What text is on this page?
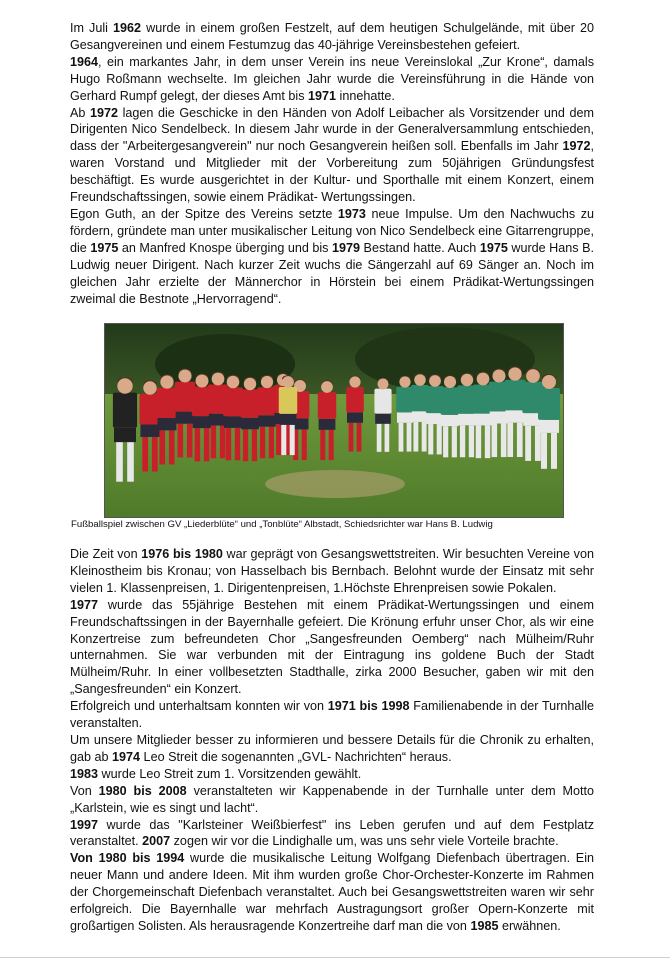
Im Juli 1962 wurde in einem großen Festzelt, auf dem heutigen Schulgelände, mit über 20 Gesangvereinen und einem Festumzug das 40-jährige Vereinsbestehen gefeiert.

1964, ein markantes Jahr, in dem unser Verein ins neue Vereinslokal „Zur Krone“, damals Hugo Roßmann wechselte. Im gleichen Jahr wurde die Vereinsführung in die Hände von Gerhard Rumpf gelegt, der dieses Amt bis 1971 innehatte.

Ab 1972 lagen die Geschicke in den Händen von Adolf Leibacher als Vorsitzender und dem Dirigenten Nico Sendelbeck. In diesem Jahr wurde in der Generalversammlung entschieden, dass der "Arbeitergesangverein" nur noch Gesangverein heißen soll. Ebenfalls im Jahr 1972, waren Vorstand und Mitglieder mit der Vorbereitung zum 50jährigen Gründungsfest beschäftigt. Es wurde ausgerichtet in der Kultur- und Sporthalle mit einem Konzert, einem Freundschaftssingen, sowie einem Prädikat- Wertungssingen.

Egon Guth, an der Spitze des Vereins setzte 1973 neue Impulse. Um den Nachwuchs zu fördern, gründete man unter musikalischer Leitung von Nico Sendelbeck eine Gitarrengruppe, die 1975 an Manfred Knospe überging und bis 1979 Bestand hatte. Auch 1975 wurde Hans B. Ludwig neuer Dirigent. Nach kurzer Zeit wuchs die Sängerzahl auf 69 Sänger an. Noch im gleichen Jahr erzielte der Männerchor in Hörstein bei einem Prädikat-Wertungssingen zweimal die Bestnote „Hervorragend“.

Fußballspiel zwischen GV „Liederblüte“ und „Tonblüte“ Albstadt, Schiedsrichter war Hans B. Ludwig

Die Zeit von 1976 bis 1980 war geprägt von Gesangswettstreiten. Wir besuchten Vereine von Kleinostheim bis Kronau; von Hasselbach bis Bernbach. Belohnt wurde der Einsatz mit sehr vielen 1. Klassenpreisen, 1. Dirigentenpreisen, 1.Höchste Ehrenpreisen sowie Pokalen.

1977 wurde das 55jährige Bestehen mit einem Prädikat-Wertungssingen und einem Freundschaftssingen in der Bayernhalle gefeiert. Die Krönung erfuhr unser Chor, als wir eine Konzertreise zum befreundeten Chor „Sangesfreunden Oemberg“ nach Mülheim/Ruhr unternahmen. Sie war verbunden mit der Eintragung ins goldene Buch der Stadt Mülheim/Ruhr. In einer vollbesetzten Stadthalle, zirka 2000 Besucher, gaben wir mit den „Sangesfreunden“ ein Konzert.

Erfolgreich und unterhaltsam konnten wir von 1971 bis 1998 Familienabende in der Turnhalle veranstalten.

Um unsere Mitglieder besser zu informieren und bessere Details für die Chronik zu erhalten, gab ab 1974 Leo Streit die sogenannten „GVL- Nachrichten“ heraus.

1983 wurde Leo Streit zum 1. Vorsitzenden gewählt.

Von 1980 bis 2008 veranstalteten wir Kappenabende in der Turnhalle unter dem Motto „Karlstein, wie es singt und lacht“.

1997 wurde das "Karlsteiner Weißbierfest" ins Leben gerufen und auf dem Festplatz veranstaltet. 2007 zogen wir vor die Lindighalle um, was uns sehr viele Vorteile brachte.

Von 1980 bis 1994 wurde die musikalische Leitung Wolfgang Diefenbach übertragen. Ein neuer Mann und andere Ideen. Mit ihm wurden große Chor-Orchester-Konzerte im Rahmen der Chorgemeinschaft Diefenbach veranstaltet. Auch bei Gesangswettstreiten waren wir sehr erfolgreich. Die Bayernhalle war mehrfach Austragungsort großer Opern-Konzerte mit großartigen Solisten. Als herausragende Konzertreihe darf man die von 1985 erwähnen.
